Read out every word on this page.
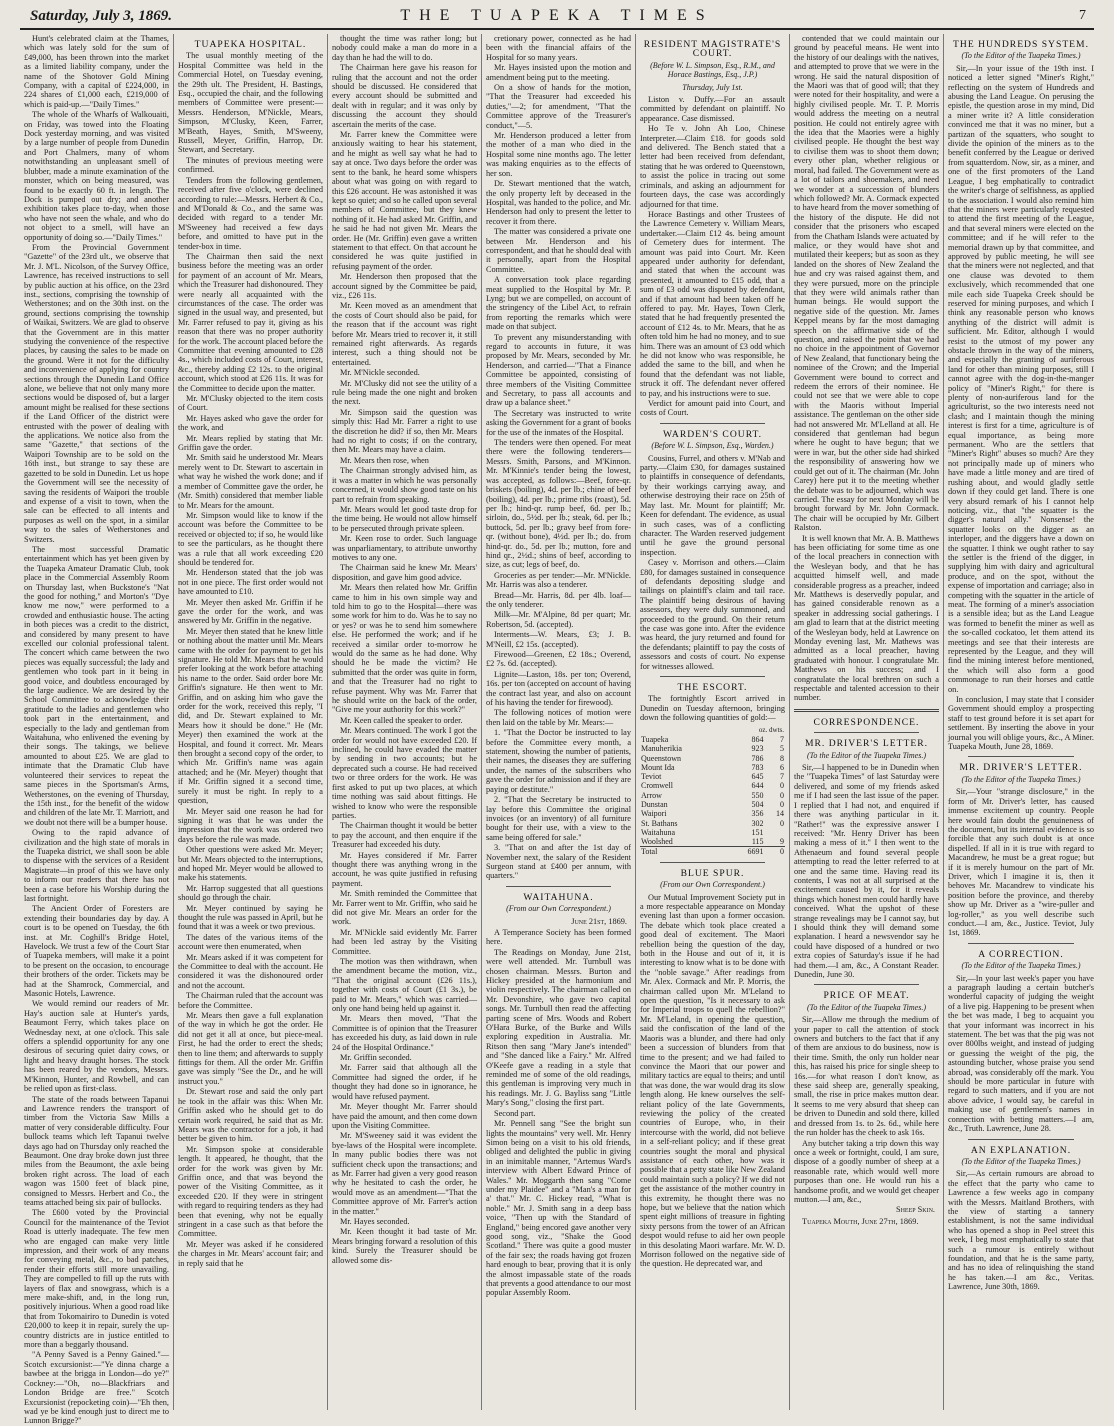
Saturday, July 3, 1869.	THE TUAPEKA TIMES	7

Hunt's celebrated claim at the Thames, which was lately sold for the sum of £49,000, has been thrown into the market as a limited liability company, under the name of the Shotover Gold Mining Company, with a capital of £224,000, in 224 shares of £1,000 each, £219,000 of which is paid-up.—"Daily Times."

The whole of the Wharfs of Walkouaiti, on Friday, was towed into the Floating Dock yesterday morning, and was visited by a large number of people from Dunedin and Port Chalmers, many of whom notwithstanding an unpleasant smell of blubber, made a minute examination of the monster, which on being measured, was found to be exactly 60 ft. in length. The Dock is pumped out dry; and another exhibition takes place to-day, when those who have not seen the whale, and who do not object to a smell, will have an opportunity of doing so.—"Daily Times."

From the Provincial Government "Gazette" of the 23rd ult., we observe that Mr. J. M'L. Nicolson, of the Survey Office, Lawrence, has received instructions to sell by public auction at his office, on the 23rd inst., sections, comprising the township of Wetherstones; and on the 30th inst. on the ground, sections comprising the township of Waikai, Switzers. We are glad to observe that the Government are in this matter studying the convenience of the respective places, by causing the sales to be made on the ground. Were it not for the difficulty and inconvenience of applying for country sections through the Dunedin Land Office alone, we believe that not only many more sections would be disposed of, but a larger amount might be realised for these sections if the Land Officer of the district were entrusted with the power of dealing with the applications. We notice also from the same "Gazette," that sections of the Waipori Township are to be sold on the 16th inst., but strange to say these are gazetted to be sold in Dunedin. Let us hope the Government will see the necessity of saving the residents of Waipori the trouble and expense of a visit to town, when the sale can be effected to all intents and purposes as well on the spot, in a similar way to the sales of Wetherstones and Switzers.

The most successful Dramatic entertainment which has yet been given by the Tuapeka Amateur Dramatic Club, took place in the Commercial Assembly Room on Thursday last, when Buckstone's "Nat the good for nothing," and Morton's "Dye know me now," were performed to a crowded and enthusiastic house. The acting in both pieces was a credit to the district, and considered by many present to have excelled our colonial professional talent. The concert which came between the two pieces was equally successful; the lady and gentlemen who took part in it being in good voice, and doubtless encouraged by the large audience. We are desired by the School Committee to acknowledge their gratitude to the ladies and gentlemen who took part in the entertainment, and especially to the lady and gentleman from Waitahuna, who enlivened the evening by their songs. The takings, we believe amounted to about £25. We are glad to intimate that the Dramatic Club have volunteered their services to repeat the same pieces in the Sportsman's Arms, Wetherstones, on the evening of Thursday, the 15th inst., for the benefit of the widow and children of the late Mr. T. Marriott, and we doubt not there will be a bumper house.

Owing to the rapid advance of civilization and the high state of morals in the Tuapeka district, we shall soon be able to dispense with the services of a Resident Magistrate—in proof of this we have only to inform our readers that there has not been a case before his Worship during the last fortnight.

The Ancient Order of Foresters are extending their boundaries day by day. A court is to be opened on Tuesday, the 6th inst. at Mr. Coghill's Bridge Hotel, Havelock. We trust a few of the Court Star of Tuapeka members, will make it a point to be present on the occasion, to encourage their brothers of the order. Tickets may be had at the Shamrock, Commercial, and Masonic Hotels, Lawrence.

We would remind our readers of Mr. Hay's auction sale at Hunter's yards, Beaumont Ferry, which takes place on Wednesday next, at one o'clock. This sale offers a splendid opportunity for any one desirous of securing quiet dairy cows, or light and heavy draught horses. The stock has been reared by the vendors, Messrs. M'Kinnon, Hunter, and Rowbell, and can be relied upon as first-class.

The state of the roads between Tapanui and Lawrence renders the transport of timber from the Victoria Saw Mills a matter of very considerable difficulty. Four bullock teams which left Tapanui twelve days ago had on Thursday only reached the Beaumont. One dray broke down just three miles from the Beaumont, the axle being broken right across. The load of each wagon was 1500 feet of black pine, consigned to Messrs. Herbert and Co., the teams attached being six pair of bullocks.

The £600 voted by the Provincial Council for the maintenance of the Teviot Road is utterly inadequate. The few men who are engaged can make very little impression, and their work of any means for conveying metal, &c., to bad patches, render their efforts still more unavailing. They are compelled to fill up the ruts with layers of flax and snowgrass, which is a mere make-shift, and, in the long run, positively injurious. When a good road like that from Tokomairiro to Dunedin is voted £20,000 to keep it in repair, surely the up-country districts are in justice entitled to more than a beggarly thousand.

"A Penny Saved is a Penny Gained."—Scotch excursionist:—"Ye dinna charge a bawbee at the brigga in London—do ye?" Cockney:—"Oh, no—Blackfriars and London Bridge are free." Scotch Excursionist (repocketing coin)—"Eh then, wad ye be kind enough just to direct me to Lunnon Brigge?"

TUAPEKA HOSPITAL.

The usual monthly meeting of the Hospital Committee was held in the Commercial Hotel, on Tuesday evening, the 29th ult. The President, H. Bastings, Esq., occupied the chair, and the following members of Committee were present:—Messrs. Henderson, M'Nickle, Mears, Simpson, M'Clusky, Keen, Farrer, M'Beath, Hayes, Smith, M'Sweeny, Russell, Meyer, Griffin, Harrop, Dr. Stewart, and Secretary.

The minutes of previous meeting were confirmed.

Tenders from the following gentlemen, received after five o'clock, were declined according to rule:—Messrs. Herbert & Co., and M'Donald & Co., and the same was decided with regard to a tender Mr. M'Sweeney had received a few days before, and omitted to have put in the tender-box in time.

The Chairman then said the next business before the meeting was an order for payment of an account of Mr. Mears, which the Treasurer had dishonoured. They were nearly all acquainted with the circumstances of the case. The order was signed in the usual way, and presented, but Mr. Farrer refused to pay it, giving as his reason that there was no proper authority for the work. The account placed before the Committee that evening amounted to £28 4s., which included costs of Court, interest, &c., thereby adding £2 12s. to the original account, which stood at £26 11s. It was for the Committee to decide upon the matter.

Mr. M'Clusky objected to the item costs of Court.

Mr. Hayes asked who gave the order for the work, and

Mr. Mears replied by stating that Mr. Griffin gave the order.

Mr. Smith said he understood Mr. Mears merely went to Dr. Stewart to ascertain in what way he wished the work done; and if a member of Committee gave the order, he (Mr. Smith) considered that member liable to Mr. Mears for the amount.

Mr. Simpson would like to know if the account was before the Committee to be received or objected to; if so, he would like to see the particulars, as he thought there was a rule that all work exceeding £20 should be tendered for.

Mr. Henderson stated that the job was not in one piece. The first order would not have amounted to £10.

Mr. Meyer then asked Mr. Griffin if he gave the order for the work, and was answered by Mr. Griffin in the negative.

Mr. Meyer then stated that he knew little or nothing about the matter until Mr. Mears came with the order for payment to get his signature. He told Mr. Mears that he would prefer looking at the work before attaching his name to the order. Said order bore Mr. Griffin's signature. He then went to Mr. Griffin, and on asking him who gave the order for the work, received this reply, "I did, and Dr. Stewart explained to Mr. Mears how it should be done." He (Mr. Meyer) then examined the work at the Hospital, and found it correct. Mr. Mears then brought a second copy of the order, to which Mr. Griffin's name was again attached; and he (Mr. Meyer) thought that if Mr. Griffin signed it a second time, surely it must be right. In reply to a question,

Mr. Meyer said one reason he had for signing it was that he was under the impression that the work was ordered two days before the rule was made.

Other questions were asked Mr. Meyer; but Mr. Mears objected to the interruptions, and hoped Mr. Meyer would be allowed to make his statements.

Mr. Harrop suggested that all questions should go through the chair.

Mr. Meyer continued by saying he thought the rule was passed in April, but he found that it was a week or two previous.

The dates of the various items of the account were then enumerated, when

Mr. Mears asked if it was competent for the Committee to deal with the account. He considered it was the dishonoured order and not the account.

The Chairman ruled that the account was before the Committee.

Mr. Mears then gave a full explanation of the way in which he got the order. He did not get it all at once, but piece-meal. First, he had the order to erect the sheds; then to line them; and afterwards to supply fittings for them. All the order Mr. Griffin gave was simply "See the Dr., and he will instruct you."

Dr. Stewart rose and said the only part he took in the affair was this: When Mr. Griffin asked who he should get to do certain work required, he said that as Mr. Mears was the contractor for a job, it had better be given to him.

Mr. Simpson spoke at considerable length. It appeared, he thought, that the order for the work was given by Mr. Griffin once, and that was beyond the power of the Visiting Committee, as it exceeded £20. If they were in stringent with regard to requiring tenders as they had been that evening, why not be equally stringent in a case such as that before the Committee.

Mr. Meyer was asked if he considered the charges in Mr. Mears' account fair; and in reply said that he

thought the time was rather long; but nobody could make a man do more in a day than he had the will to do.

The Chairman here gave his reason for ruling that the account and not the order should be discussed. He considered that every account should be submitted and dealt with in regular; and it was only by discussing the account they should ascertain the merits of the case.

Mr. Farrer knew the Committee were anxiously waiting to hear his statement, and he might as well say what he had to say at once. Two days before the order was sent to the bank, he heard some whispers about what was going on with regard to this £26 account. He was astonished it was kept so quiet; and so he called upon several members of Committee, but they knew nothing of it. He had asked Mr. Griffin, and he said he had not given Mr. Mears the order. He (Mr. Griffin) even gave a written statement to that effect. On that account he considered he was quite justified in refusing payment of the order.

Mr. Henderson then proposed that the account signed by the Committee be paid, viz., £26 11s.

Mr. Keen moved as an amendment that the costs of Court should also be paid, for the reason that if the account was right before Mr. Mears tried to recover it, it still remained right afterwards. As regards interest, such a thing should not be entertained.

Mr. M'Nickle seconded.

Mr. M'Clusky did not see the utility of a rule being made the one night and broken the next.

Mr. Simpson said the question was simply this: Had Mr. Farrer a right to use the discretion he did? if so, then Mr. Mears had no right to costs; if on the contrary, then Mr. Mears may have a claim.

Mr. Mears then rose, when

The Chairman strongly advised him, as it was a matter in which he was personally concerned, it would show good taste on his part to refrain from speaking.

Mr. Mears would let good taste drop for the time being. He would not allow himself to be persecuted through private spleen.

Mr. Keen rose to order. Such language was unparliamentary, to attribute unworthy motives to any one.

The Chairman said he knew Mr. Mears' disposition, and gave him good advice.

Mr. Mears then related how Mr. Griffin came to him in his own simple way and told him to go to the Hospital—there was some work for him to do. Was he to say no or yes? or was he to send him somewhere else. He performed the work; and if he received a similar order to-morrow he would do the same as he had done. Why should he be made the victim? He submitted that the order was quite in form, and that the Treasurer had no right to refuse payment. Why was Mr. Farrer that he should write on the back of the order, "Give me your authority for this work?"

Mr. Keen called the speaker to order.

Mr. Mears continued. The work I got the order for would not have exceeded £20. If inclined, he could have evaded the matter by sending in two accounts; but he deprecated such a course. He had received two or three orders for the work. He was first asked to put up two places, at which time nothing was said about fittings. He wished to know who were the responsible parties.

The Chairman thought it would be better to pay the account, and then enquire if the Treasurer had exceeded his duty.

Mr. Hayes considered if Mr. Farrer thought there was anything wrong in the account, he was quite justified in refusing payment.

Mr. Smith reminded the Committee that Mr. Farrer went to Mr. Griffin, who said he did not give Mr. Mears an order for the work.

Mr. M'Nickle said evidently Mr. Farrer had been led astray by the Visiting Committee.

The motion was then withdrawn, when the amendment became the motion, viz., "That the original account (£26 11s.), together with costs of Court (£1 3s.), be paid to Mr. Mears," which was carried—only one hand being held up against it.

Mr. Mears then moved, "That the Committee is of opinion that the Treasurer has exceeded his duty, as laid down in rule 24 of the Hospital Ordinance."

Mr. Griffin seconded.

Mr. Farrer said that although all the Committee had signed the order, if he thought they had done so in ignorance, he would have refused payment.

Mr. Meyer thought Mr. Farrer should have paid the amount, and then come down upon the Visiting Committee.

Mr. M'Sweeney said it was evident the bye-laws of the Hospital were incomplete. In many public bodies there was not sufficient check upon the transactions; and as Mr. Farrer had given a very good reason why he hesitated to cash the order, he would move as an amendment—"That the Committee approve of Mr. Farrer's action in the matter."

Mr. Hayes seconded.

Mr. Keen thought it bad taste of Mr. Mears bringing forward a resolution of this kind. Surely the Treasurer should be allowed some dis-

cretionary power, connected as he had been with the financial affairs of the Hospital for so many years.

Mr. Hayes insisted upon the motion and amendment being put to the meeting.

On a show of hands for the motion, "That the Treasurer had exceeded his duties,"—2; for amendment, "That the Committee approve of the Treasurer's conduct,"—5.

Mr. Henderson produced a letter from the mother of a man who died in the Hospital some nine months ago. The letter was making enquiries as to the effects of her son.

Dr. Stewart mentioned that the watch, the only property left by deceased in the Hospital, was handed to the police, and Mr. Henderson had only to present the letter to recover it from there.

The matter was considered a private one between Mr. Henderson and his correspondent, and that he should deal with it personally, apart from the Hospital Committee.

A conversation took place regarding meat supplied to the Hospital by Mr. P. Lyng; but we are compelled, on account of the stringency of the Libel Act, to refrain from reporting the remarks which were made on that subject.

To prevent any misunderstanding with regard to accounts in future, it was proposed by Mr. Mears, seconded by Mr. Henderson, and carried—"That a Finance Committee be appointed, consisting of three members of the Visiting Committee and Secretary, to pass all accounts and draw up a balance sheet."

The Secretary was instructed to write asking the Government for a grant of books for the use of the inmates of the Hospital.

The tenders were then opened. For meat there were the following tenderers—Messrs. Smith, Parsons, and M'Kinnon. Mr. M'Kinnie's tender being the lowest, was accepted, as follows:—Beef, fore-qr. briskets (boiling), 4d. per lb.; chine of beef (boiling), 4d. per lb.; prime ribs (roast), 5d. per lb.; hind-qr. rump beef, 6d. per lb.; sirloin, do., 5½d. per lb.; steak, 6d. per lb.; buttock, 5d. per lb.; gravy beef from fore-qr. (without bone), 4½d. per lb.; do. from hind-qr. do., 5d. per lb.; mutton, fore and hind qr., 2½d.; shins of beef, according to size, as cut; legs of beef, do.

Groceries as per tender:—Mr. M'Nickle. Mr. Harris was also a tenderer.

Bread—Mr. Harris, 8d. per 4lb. loaf—the only tenderer.

Milk—Mr. M'Alpine, 8d per quart; Mr. Robertson, 5d. (accepted).

Interments—W. Mears, £3; J. B. M'Neill, £2 15s. (accepted).

Firewood—Greenen, £2 18s.; Overend, £2 7s. 6d. (accepted).

Lignite—Laston, 18s. per ton; Overend, 16s. per ton (accepted on account of having the contract last year, and also on account of his having the tender for firewood).

The following notices of motion were then laid on the table by Mr. Mears:—

1. "That the Doctor be instructed to lay before the Committee every month, a statement, showing the number of patients, their names, the diseases they are suffering under, the names of the subscribers who gave the order for admission and if they are paying or destitute."

2. "That the Secretary be instructed to lay before this Committee the original invoices (or an inventory) of all furniture bought for their use, with a view to the same being offered for sale."

3. "That on and after the 1st day of November next, the salary of the Resident Surgeon stand at £400 per annum, with quarters."

WAITAHUNA.
(From our Own Correspondent.)
June 21st, 1869.

A Temperance Society has been formed here.

The Readings on Monday, June 21st, were well attended. Mr. Turnbull was chosen chairman. Messrs. Burton and Hickey presided at the harmonium and violin respectively. The chairman called on Mr. Devonshire, who gave two capital songs. Mr. Turnbull then read the affecting parting scene of Mrs. Woods and Robert O'Hara Burke, of the Burke and Wills exploring expedition in Australia. Mr. Ritson then sang "Mary Jane's intended" and "She danced like a Fairy." Mr. Alfred O'Keefe gave a reading in a style that reminded me of some of the old readings, this gentleman is improving very much in his readings. Mr. J. G. Bayliss sang "Little Mary's Song," closing the first part.

Second part.

Mr. Pennell sang "See the bright sun lights the mountains" very well. Mr. Henry Simon being on a visit to his old friends, obliged and delighted the public in giving in an inimitable manner, "Artemus Ward's interview with Albert Edward Prince of Wales." Mr. Moggarth then sang "Come under my Plaidee" and a "Man's a man for a' that." Mr. C. Hickey read, "What is noble." Mr. J. Smith sang in a deep bass voice, "Then up with the Standard of England," being encored gave another very good song, viz., "Shake the Good Scotland." There was quite a good muster of the fair sex; the roads having got frozen hard enough to bear, proving that it is only the almost impassable state of the roads that prevents a good attendance to our most popular Assembly Room.

RESIDENT MAGISTRATE'S COURT.
(Before W. L. Simpson, Esq., R.M., and Horace Bastings, Esq., J.P.)
Thursday, July 1st.

Liston v. Duffy.—For an assault committed by defendant on plaintiff. No appearance. Case dismissed.

Ho Te v. John Ah Loo, Chinese Interpreter.—Claim £18. for goods sold and delivered. The Bench stated that a letter had been received from defendant, stating that he was ordered to Queenstown, to assist the police in tracing out some criminals, and asking an adjournment for fourteen days, the case was accordingly adjourned for that time.

Horace Bastings and other Trustees of the Lawrence Cemetery v. William Mears, undertaker.—Claim £12 4s. being amount of Cemetery dues for interment. The amount was paid into Court. Mr. Keen appeared under authority for defendant, and stated that when the account was presented, it amounted to £15 odd, that a sum of £3 odd was disputed by defendant, and if that amount had been taken off he offered to pay. Mr. Hayes, Town Clerk, stated that he had frequently presented the account of £12 4s. to Mr. Mears, that he as often told him he had no money, and to sue him. There was an amount of £3 odd which he did not know who was responsible, he added the same to the bill, and when he found that the defendant was not liable, struck it off. The defendant never offered to pay, and his instructions were to sue.

Verdict for amount paid into Court, and costs of Court.

WARDEN'S COURT.
(Before W. L. Simpson, Esq., Warden.)

Cousins, Furrel, and others v. M'Nab and party.—Claim £30, for damages sustained to plaintiffs in consequence of defendants, by their workings carrying away, and otherwise destroying their race on 25th of May last. Mr. Mount for plaintiff; Mr. Keen for defendant. The evidence, as usual in such cases, was of a conflicting character. The Warden reserved judgement until he gave the ground personal inspection.

Casey v. Morrison and others.—Claim £80, for damages sustained in consequence of defendants depositing sludge and tailings on plaintiff's claim and tail race. The plaintiff being desirous of having assessors, they were duly summoned, and proceeded to the ground. On their return the case was gone into. After the evidence was heard, the jury returned and found for the defendants; plaintiff to pay the costs of assessors and costs of court. No expense for witnesses allowed.

THE ESCORT.

The fortnightly Escort arrived in Dunedin on Tuesday afternoon, bringing down the following quantities of gold:—

	oz. dwts.	
Tuapeka	864	7
Manuherikia	923	5
Queenstown	786	8
Mount Ida	783	6
Teviot	645	7
Cromwell	644	0
Arrow	550	0
Dunstan	504	0
Waipori	356	14
St. Bathans	302	0
Waitahuna	151	
Woolshed	115	9
Total	6691	0
BLUE SPUR.
(From our Own Correspondent.)

Our Mutual Improvement Society put in a more respectable appearance on Monday evening last than upon a former occasion. The debate which took place created a good deal of excitement. The Maori rebellion being the question of the day, both in the House and out of it, it is interesting to know what is to be done with the "noble savage." After readings from Mr. Alex. Cormack and Mr. P. Morris, the chairman called upon Mr. M'Leland to open the question, "Is it necessary to ask for Imperial troops to quell the rebellion?" Mr. M'Leland, in opening the question, said the confiscation of the land of the Maoris was a blunder, and there had only been a succession of blunders from that time to the present; and we had failed to convince the Maori that our power and military tactics are equal to theirs; and until that was done, the war would drag its slow length along. He knew ourselves the self-reliant policy of the late Governments, reviewing the policy of the created countries of Europe, who, in their intercourse with the world, did not believe in a self-reliant policy; and if these great countries sought the moral and physical assistance of each other, how was it possible that a petty state like New Zealand could maintain such a policy? If we did not get the assistance of the mother country in this extremity, he thought there was no hope, but we believe that the nation which spent eight millions of treasure in fighting sixty persons from the tower of an African despot would refuse to aid her own people in this desolating Maori warfare. Mr. W. D. Morrison followed on the negative side of the question. He deprecated war, and

contended that we could maintain our ground by peaceful means. He went into the history of our dealings with the natives, and attempted to prove that we were in the wrong. He said the natural disposition of the Maori was that of good will; that they were noted for their hospitality, and were a highly civilised people. Mr. T. P. Morris would address the meeting on a neutral position. He could not entirely agree with the idea that the Maories were a highly civilised people. He thought the best way to civilise them was to shoot them down; every other plan, whether religious or moral, had failed. The Government were as a lot of tailors and shoemakers, and need we wonder at a succession of blunders which followed? Mr. A. Cormack expected to have heard from the mover something of the history of the dispute. He did not consider that the prisoners who escaped from the Chatham Islands were actuated by malice, or they would have shot and mutilated their keepers; but as soon as they landed on the shores of New Zealand the hue and cry was raised against them, and they were pursued, more on the principle that they were wild animals rather than human beings. He would support the negative side of the question. Mr. James Keppel means by far the most damaging speech on the affirmative side of the question, and raised the point that we had no choice in the appointment of Governor of New Zealand, that functionary being the nominee of the Crown; and the Imperial Government were bound to correct and redeem the errors of their nominee. He could not see that we were able to cope with the Maoris without Imperial assistance. The gentleman on the other side had not answered Mr. M'Lelland at all. He considered that gentleman had begun where he ought to have begun; that we were in war, but the other side had shirked the responsibility of answering how we could get out of it. The chairman (Mr. John Carey) here put it to the meeting whether the debate was to be adjourned, which was carried. The essay for next Monday will be brought forward by Mr. John Cormack. The chair will be occupied by Mr. Gilbert Ralston.

It is well known that Mr. A. B. Matthews has been officiating for some time as one of the local preachers in connection with the Wesleyan body, and that he has acquitted himself well, and made considerable progress as a preacher, indeed Mr. Matthews is deservedly popular, and has gained considerable renown as a speaker in addressing social gatherings. I am glad to learn that at the district meeting of the Wesleyan body, held at Lawrence on Monday evening last, Mr. Mathews was admitted as a local preacher, having graduated with honour. I congratulate Mr. Matthews on his success; and I congratulate the local brethren on such a respectable and talented accession to their number.

CORRESPONDENCE.
MR. DRIVER'S LETTER.
(To the Editor of the Tuapeka Times.)

Sir,—I happened to be in Dunedin when the "Tuapeka Times" of last Saturday were delivered, and some of my friends asked me if I had seen the last issue of the paper. I replied that I had not, and enquired if there was anything particular in it. "Rather!" was the expressive answer I received: "Mr. Henry Driver has been making a mess of it." I then went to the Athenaeum and found several people attempting to read the letter referred to at one and the same time. Having read its contents, I was not at all surprised at the excitement caused by it, for it reveals things which honest men could hardly have conceived. What the upshot of these strange revealings may be I cannot say, but I should think they will demand some explanation. I heard a newsvendor say he could have disposed of a hundred or two extra copies of Saturday's issue if he had had them.—I am, &c., A Constant Reader. Dunedin, June 30.

PRICE OF MEAT.
(To the Editor of the Tuapeka Times.)

Sir,—Allow me through the medium of your paper to call the attention of stock owners and butchers to the fact that if any of them are anxious to do business, now is their time. Smith, the only run holder near this, has raised his price for single sheep to 16s.—for what reason I don't know, as these said sheep are, generally speaking, small, the rise in price makes mutton dear. It seems to me very absurd that sheep can be driven to Dunedin and sold there, killed and dressed from 1s. to 2s. 6d., while here the run holder has the cheek to ask 16s.

Any butcher taking a trip down this way once a week or fortnight, could, I am sure, dispose of a goodly number of sheep at a reasonable rate, which would well more purposes than one. He would run his a handsome profit, and we would get cheaper mutton.—I am, &c.,

Sheep Skin.
Tuapeka Mouth, June 27th, 1869.
THE HUNDREDS SYSTEM.
(To the Editor of the Tuapeka Times.)

Sir,—In your issue of the 19th inst. I noticed a letter signed "Miner's Right," reflecting on the system of Hundreds and abusing the Land League. On perusing the epistle, the question arose in my mind, Did a miner write it? A little consideration convinced me that it was no miner, but a partizan of the squatters, who sought to divide the opinion of the miners as to the benefit conferred by the League or derived from squatterdom. Now, sir, as a miner, and one of the first promoters of the Land League, I beg emphatically to contradict the writer's charge of selfishness, as applied to the association. I would also remind him that the miners were particularly requested to attend the first meeting of the League, and that several miners were elected on the committee; and if he will refer to the memorial drawn up by that committee, and approved by public meeting, he will see that the miners were not neglected, and that one clause was devoted to them exclusively, which recommended that one mile each side Tuapeka Creek should be reserved for mining purposes, and which I think any reasonable person who knows anything of the district will admit is sufficient. Mr. Editor, although I would resist to the utmost of my power any obstacle thrown in the way of the miners, and especially the granting of auriferous land for other than mining purposes, still I cannot agree with the dog-in-the-manger policy of "Miner's Right," for there is plenty of non-auriferous land for the agriculturist, so the two interests need not clash; and I maintain though the mining interest is first for a time, agriculture is of equal importance, as being more permanent. Who are the settlers that "Miner's Right" abuses so much? Are they not principally made up of miners who have made a little money and are tired of rushing about, and would gladly settle down if they could get land. There is one very absurd remark of his I cannot help noticing, viz., that "the squatter is the digger's natural ally." Nonsense! the squatter looks on the digger as an interloper, and the diggers have a down on the squatter. I think we ought rather to say the settler is the friend of the digger, in supplying him with dairy and agricultural produce, and on the spot, without the expense of importation and carriage; also in competing with the squatter in the article of meat. The forming of a miner's association is a sensible idea; but as the Land League was formed to benefit the miner as well as the so-called cockatoo, let them attend its meetings and see that their interests are represented by the League, and they will find the mining interest before mentioned, the which will also form a good commonage to run their horses and cattle on.

In conclusion, I may state that I consider Government should employ a prospecting staff to test ground before it is set apart for settlement. By inserting the above in your journal you will oblige yours, &c., A Miner. Tuapeka Mouth, June 28, 1869.

MR. DRIVER'S LETTER.
(To the Editor of the Tuapeka Times.)

Sir,—Your "strange disclosure," in the form of Mr. Driver's letter, has caused immense excitement up country. People here would fain doubt the genuineness of the document, but its internal evidence is so forcible that any such doubt is at once dispelled. If all in it is true with regard to Macandrew, he must be a great rogue; but if it is merely humour on the part of Mr. Driver, which I imagine it is, then it behoves Mr. Macandrew to vindicate his position before the province, and thereby show up Mr. Driver as a "wire-puller and log-roller," as you well describe such conduct.—I am, &c., Justice. Teviot, July 1st, 1869.

A CORRECTION.
(To the Editor of the Tuapeka Times.)

Sir,—In your last week's paper you have a paragraph lauding a certain butcher's wonderful capacity of judging the weight of a live pig. Happening to be present when the bet was made, I beg to acquaint you that your informant was incorrect in his statement. The bet was that the pig was not over 800lbs weight, and instead of judging or guessing the weight of the pig, the astounding butcher, whose praise you send abroad, was considerably off the mark. You should be more particular in future with regard to such matters, and if you are not above advice, I would say, be careful in making use of gentlemen's names in connection with betting matters.—I am, &c., Truth. Lawrence, June 28.

AN EXPLANATION.
(To the Editor of the Tuapeka Times.)

Sir,—As certain rumours are abroad to the effect that the party who came to Lawrence a few weeks ago in company with the Messrs. Maitland Brothers, with the view of starting a tannery establishment, is not the same individual who has opened a shop in Peel street this week, I beg most emphatically to state that such a rumour is entirely without foundation, and that he is the same party, and has no idea of relinquishing the stand he has taken.—I am &c., Veritas. Lawrence, June 30th, 1869.
